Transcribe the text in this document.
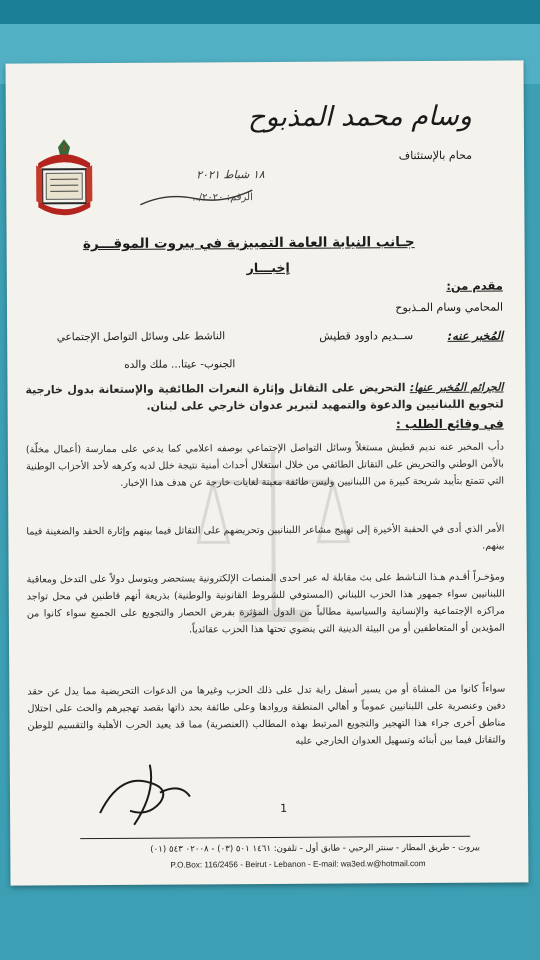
وسام محمد المذبوح
محام بالإستئناف
١٨ شباط ٢٠٢١
الرقم: ٢٠٢٠/..
جـانب النيابة العامة التمييزية في بيروت الموقـــرة
إخبـــار
مقدم من:
المحامي وسام المـذبوح
المُخبر عنه:
ســديم داوود قطيش
الناشط على وسائل التواصل الإجتماعي
الجنوب- عيتا... ملك والده
الجرائم المُخبر عنها: التحريض على التقاتل وإثارة النعرات الطائفية والإستعانة بدول خارجية لتجويع اللبنانيين والدعوة والتمهيد لتبرير عدوان خارجي على لبنان.
في وقائع الطلب :
دأب المخبر عنه نديم قطيش مستغلاً وسائل التواصل الإجتماعي بوصفه اعلامي كما يدعي على ممارسة (أعمال مخلّة) بالأمن الوطني والتحريض على التقاتل الطائفي من خلال استغلال أحداث أمنية نتيجة خلل لديه وكرهه لأحد الأحزاب الوطنية التي تتمتع بتأييد شريحة كبيرة من اللبنانيين وليس طائفة معينة لغايات خارجة عن هدف هذا الإخبار.
الأمر الذي أدى في الحقبة الأخيرة إلى تهييج مشاعر اللبنانيين وتحريضهم على التقاتل فيما بينهم وإثارة الحقد والضغينة فيما بينهم.
ومؤخـراً أقـدم هـذا النـاشط على بث مقابلة له عبر احدى المنصات الإلكترونية يستحضر ويتوسل دولاً على التدخل ومعاقبة اللبنانيين سواء جمهور هذا الحزب اللبناني (المستوفي للشروط القانونية والوطنية) بذريعة أنهم قاطنين في محل تواجد مراكزه الإجتماعية والإنسانية والسياسية مطالباً من الدول المؤثرة بفرض الحصار والتجويع على الجميع سواء كانوا من المؤيدين أو المتعاطفين أو من البيئة الدينية التي ينضوي تحتها هذا الحزب عقائدياً.
سواءاً كانوا من المشاة أو من يسير أسفل راية تدل على ذلك الحزب وغيرها من الدعوات التحريضية مما يدل عن حقد دفين وعنصرية على اللبنانيين عموماً و أهالي المنطقة وروادها وعلى طائفة بحد ذاتها بقصد تهجيرهم والحث على احتلال مناطق أخرى جراء هذا التهجير والتجويع المرتبط بهذه المطالب (العنصرية) مما قد يعيد الحرب الأهلية والتقسيم للوطن والتقاتل فيما بين أبنائه وتسهيل العدوان الخارجي عليه
1
بيروت - طريق المطار - سنتر الرحبي - طابق أول - تلفون: ١٤٦١ ٥٠١ (٠٣) - ٠٢٠٠٨ ٥٤٣ (٠١)
P.O.Box: 116/2456 - Beirut - Lebanon - E-mail: wa3ed.w@hotmail.com
